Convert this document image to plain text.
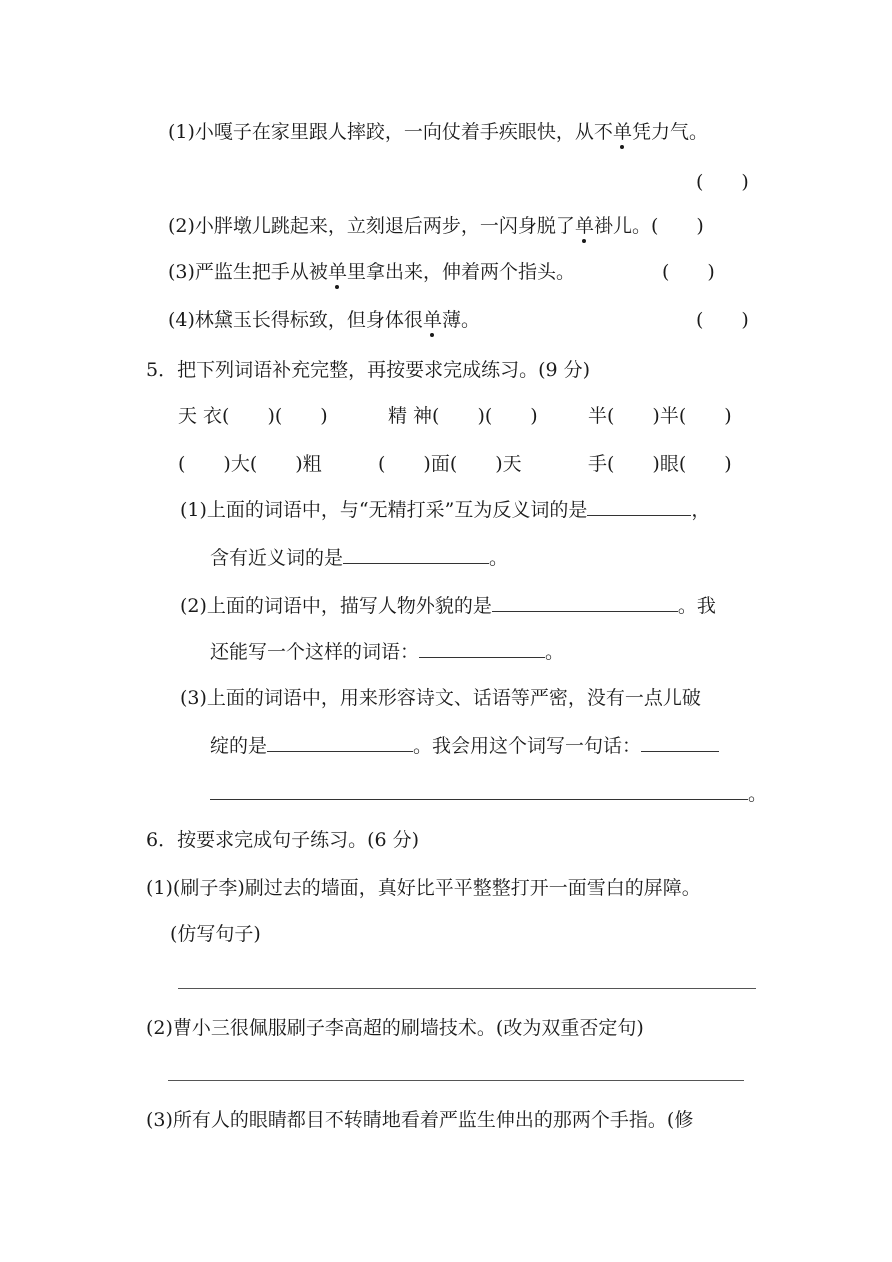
(1)小嘎子在家里跟人摔跤，一向仗着手疾眼快，从不单凭力气。
(　　)
(2)小胖墩儿跳起来，立刻退后两步，一闪身脱了单褂儿。(　　)
(3)严监生把手从被单里拿出来，伸着两个指头。	(　　)
(4)林黛玉长得标致，但身体很单薄。	(　　)
5．把下列词语补充完整，再按要求完成练习。(9 分)
天 衣(　　)(　　)	精 神(　　)(　　)	半(　　)半(　　)
(　　)大(　　)粗	(　　)面(　　)天	手(　　)眼(　　)
(1)上面的词语中，与“无精打采”互为反义词的是	，
含有近义词的是	。
(2)上面的词语中，描写人物外貌的是	。我
还能写一个这样的词语：	。
(3)上面的词语中，用来形容诗文、话语等严密，没有一点儿破
绽的是	。我会用这个词写一句话：
。
6．按要求完成句子练习。(6 分)
(1)(刷子李)刷过去的墙面，真好比平平整整打开一面雪白的屏障。
(仿写句子)
(2)曹小三很佩服刷子李高超的刷墙技术。(改为双重否定句)
(3)所有人的眼睛都目不转睛地看着严监生伸出的那两个手指。(修
